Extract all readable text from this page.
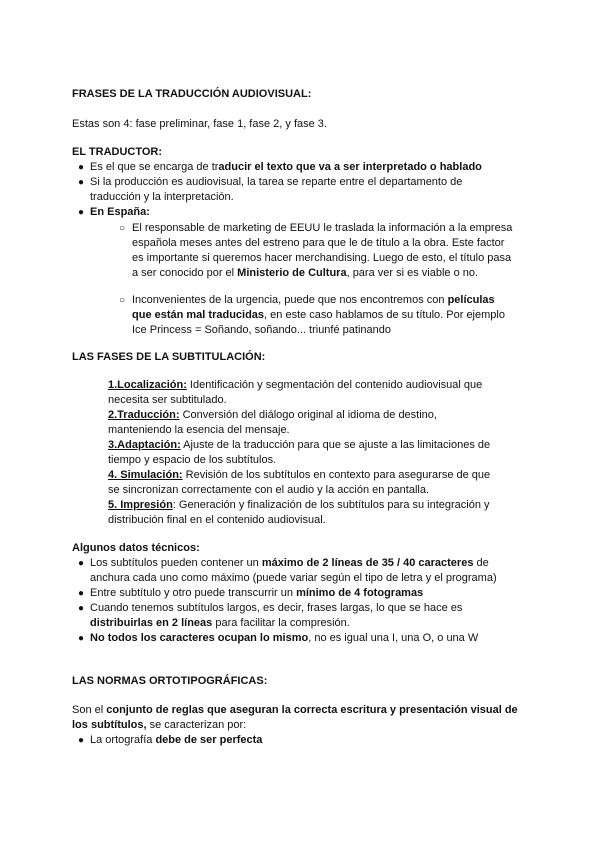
FRASES DE LA TRADUCCIÓN AUDIOVISUAL:

Estas son 4: fase preliminar, fase 1, fase 2, y fase 3.

EL TRADUCTOR:

● Es el que se encarga de traducir el texto que va a ser interpretado o hablado
● Si la producción es audiovisual, la tarea se reparte entre el departamento de traducción y la interpretación.
● En España:
○ El responsable de marketing de EEUU le traslada la información a la empresa española meses antes del estreno para que le de título a la obra. Este factor es importante si queremos hacer merchandising. Luego de esto, el título pasa a ser conocido por el Ministerio de Cultura, para ver si es viable o no.
○ Inconvenientes de la urgencia, puede que nos encontremos con películas que están mal traducidas, en este caso hablamos de su título. Por ejemplo Ice Princess = Soñando, soñando... triunfé patinando

LAS FASES DE LA SUBTITULACIÓN:

1.Localización: Identificación y segmentación del contenido audiovisual que necesita ser subtitulado.
2.Traducción: Conversión del diálogo original al idioma de destino, manteniendo la esencia del mensaje.
3.Adaptación: Ajuste de la traducción para que se ajuste a las limitaciones de tiempo y espacio de los subtítulos.
4. Simulación: Revisión de los subtítulos en contexto para asegurarse de que se sincronizan correctamente con el audio y la acción en pantalla.
5. Impresión: Generación y finalización de los subtítulos para su integración y distribución final en el contenido audiovisual.

Algunos datos técnicos:

● Los subtítulos pueden contener un máximo de 2 líneas de 35 / 40 caracteres de anchura cada uno como máximo (puede variar según el tipo de letra y el programa)
● Entre subtítulo y otro puede transcurrir un mínimo de 4 fotogramas
● Cuando tenemos subtítulos largos, es decir, frases largas, lo que se hace es distribuirlas en 2 líneas para facilitar la compresión.
● No todos los caracteres ocupan lo mismo, no es igual una I, una O, o una W

LAS NORMAS ORTOTIPOGRÁFICAS:

Son el conjunto de reglas que aseguran la correcta escritura y presentación visual de los subtítulos, se caracterizan por:
● La ortografía debe de ser perfecta
